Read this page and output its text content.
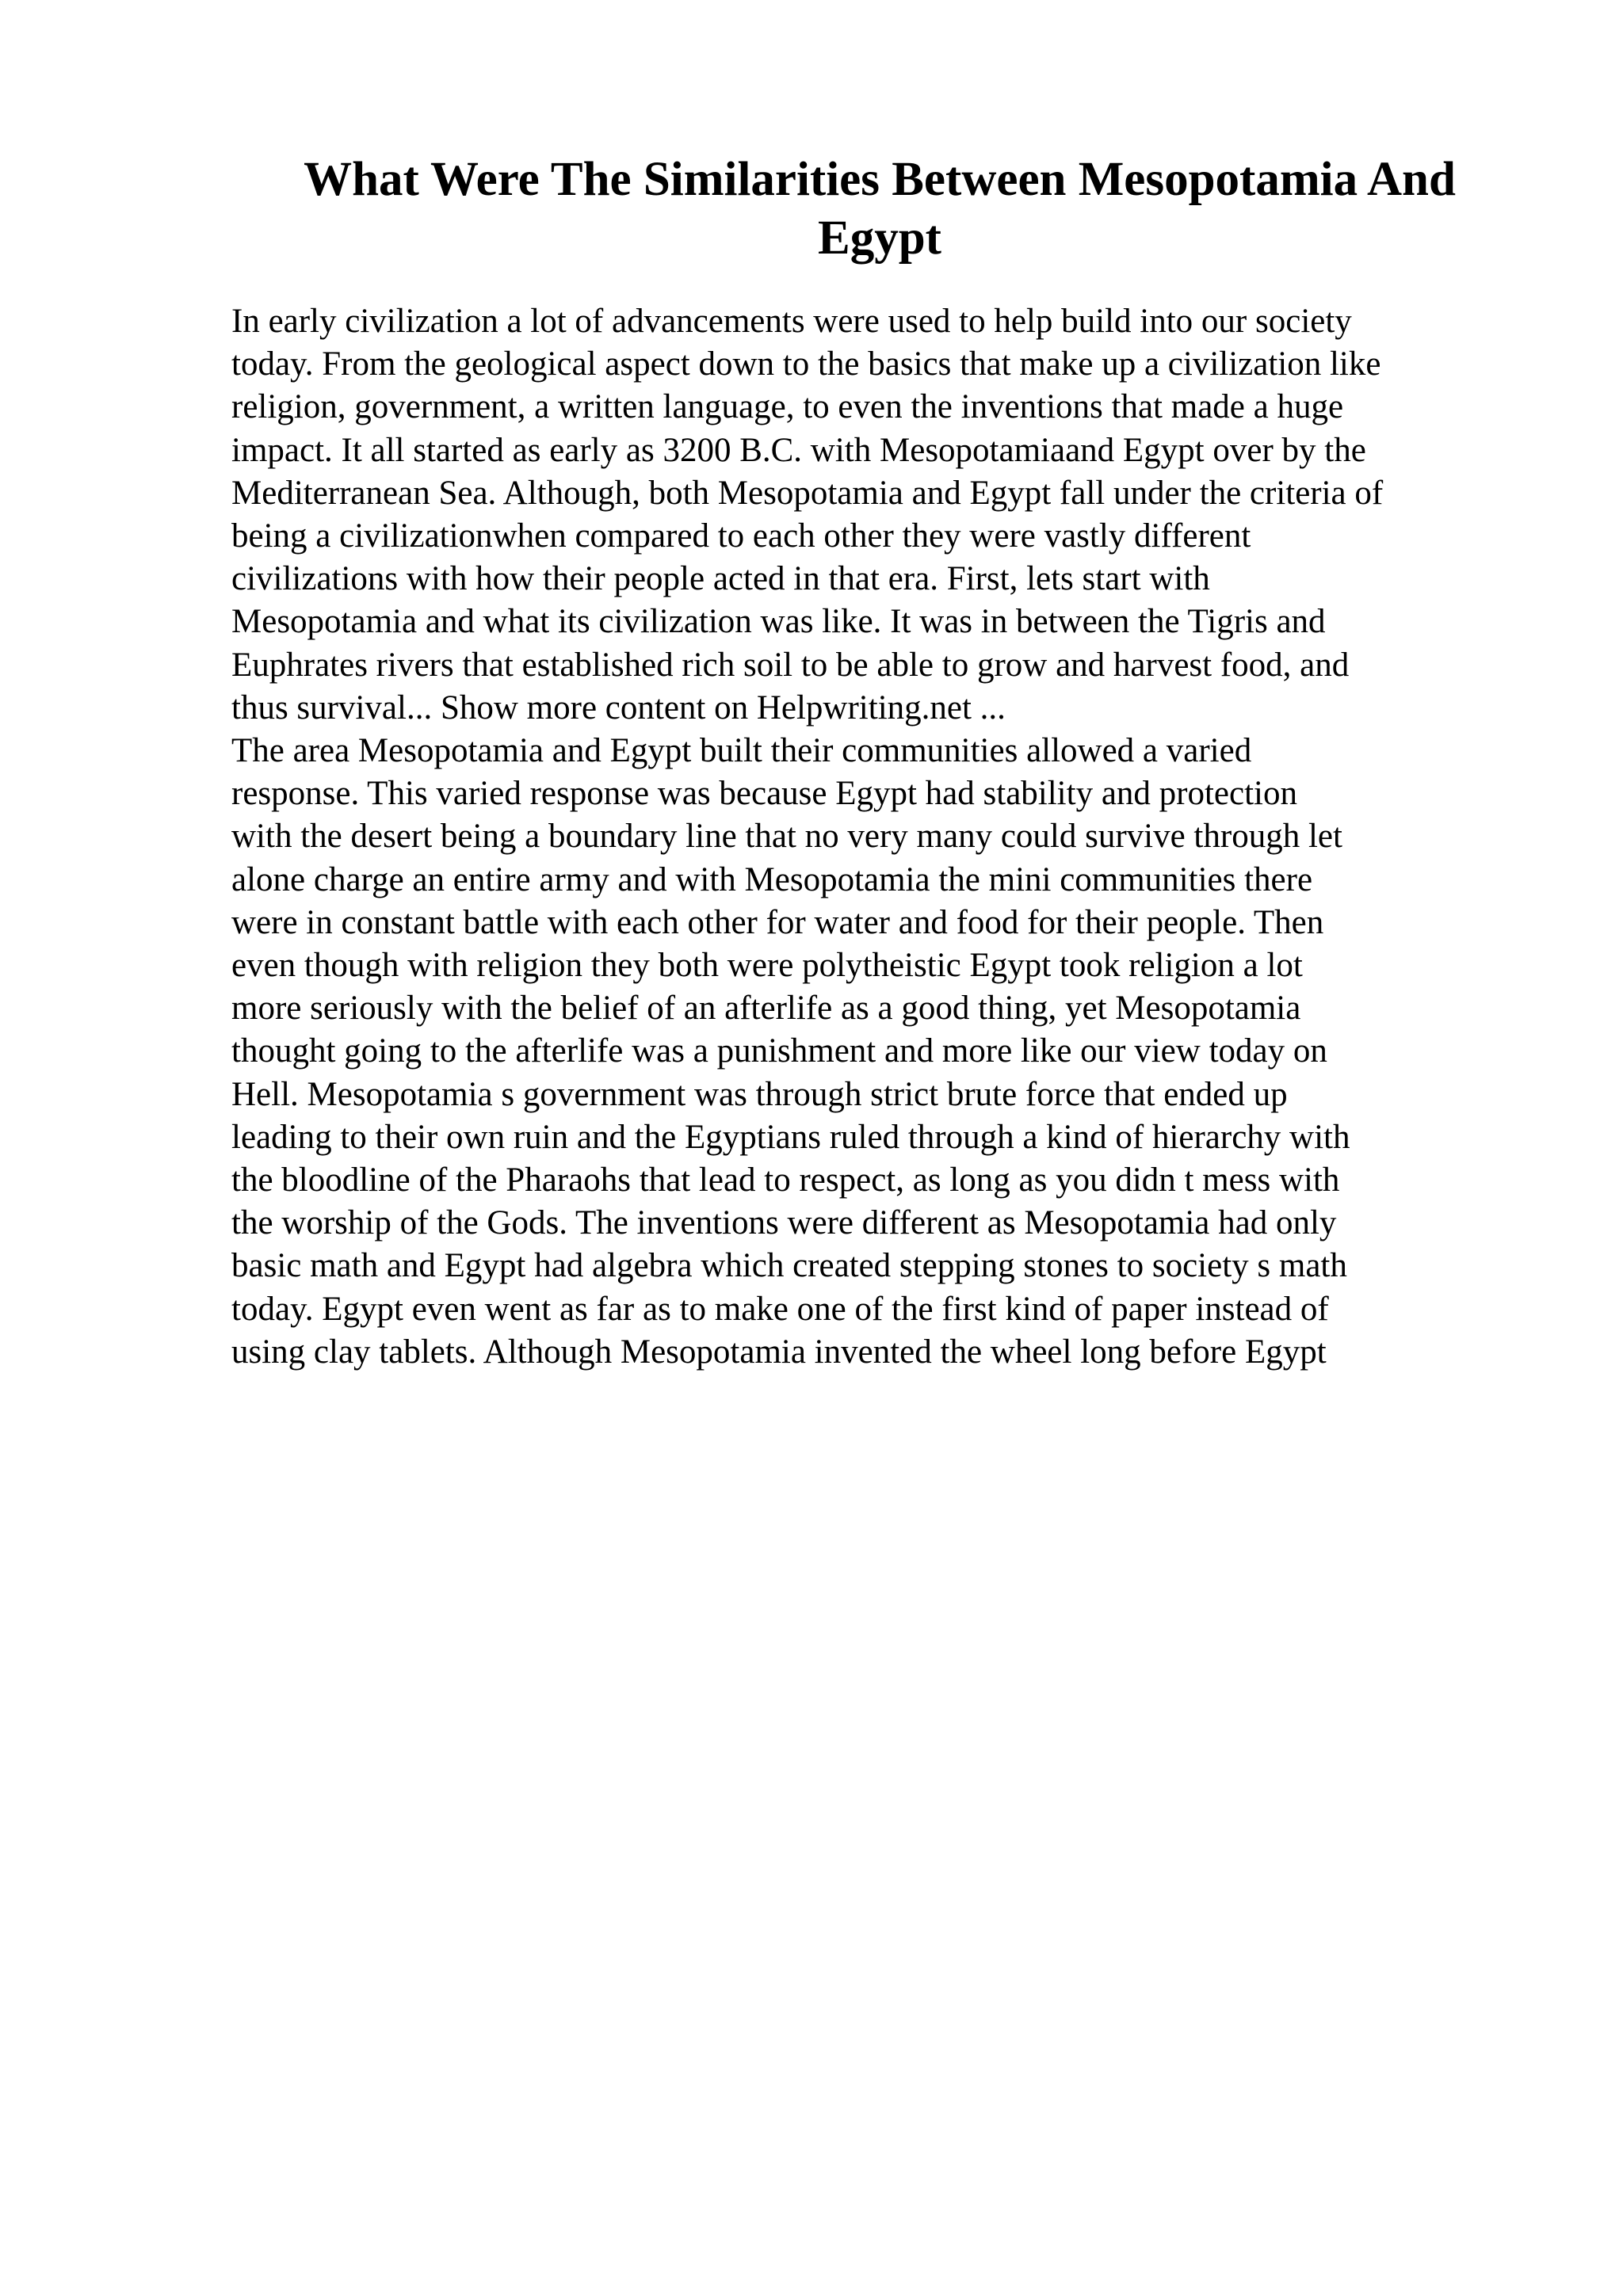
What Were The Similarities Between Mesopotamia And Egypt
In early civilization a lot of advancements were used to help build into our society
today. From the geological aspect down to the basics that make up a civilization like
religion, government, a written language, to even the inventions that made a huge
impact. It all started as early as 3200 B.C. with Mesopotamiaand Egypt over by the
Mediterranean Sea. Although, both Mesopotamia and Egypt fall under the criteria of
being a civilizationwhen compared to each other they were vastly different
civilizations with how their people acted in that era. First, lets start with
Mesopotamia and what its civilization was like. It was in between the Tigris and
Euphrates rivers that established rich soil to be able to grow and harvest food, and
thus survival... Show more content on Helpwriting.net ...
The area Mesopotamia and Egypt built their communities allowed a varied
response. This varied response was because Egypt had stability and protection
with the desert being a boundary line that no very many could survive through let
alone charge an entire army and with Mesopotamia the mini communities there
were in constant battle with each other for water and food for their people. Then
even though with religion they both were polytheistic Egypt took religion a lot
more seriously with the belief of an afterlife as a good thing, yet Mesopotamia
thought going to the afterlife was a punishment and more like our view today on
Hell. Mesopotamia s government was through strict brute force that ended up
leading to their own ruin and the Egyptians ruled through a kind of hierarchy with
the bloodline of the Pharaohs that lead to respect, as long as you didn t mess with
the worship of the Gods. The inventions were different as Mesopotamia had only
basic math and Egypt had algebra which created stepping stones to society s math
today. Egypt even went as far as to make one of the first kind of paper instead of
using clay tablets. Although Mesopotamia invented the wheel long before Egypt
